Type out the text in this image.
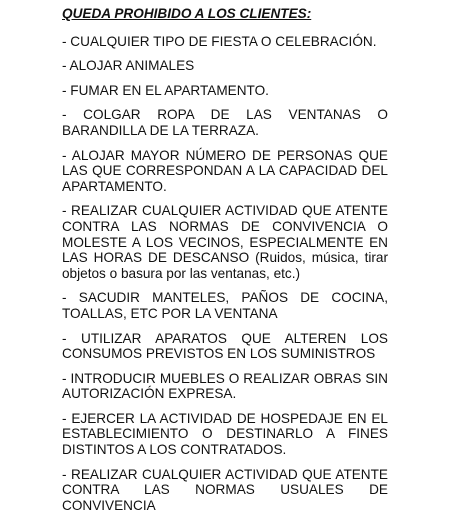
QUEDA PROHIBIDO A LOS CLIENTES:
- CUALQUIER TIPO DE FIESTA O CELEBRACIÓN.
- ALOJAR ANIMALES
- FUMAR EN EL APARTAMENTO.
- COLGAR ROPA DE LAS VENTANAS O BARANDILLA DE LA TERRAZA.
- ALOJAR MAYOR NÚMERO DE PERSONAS QUE LAS QUE CORRESPONDAN A LA CAPACIDAD DEL APARTAMENTO.
- REALIZAR CUALQUIER ACTIVIDAD QUE ATENTE CONTRA LAS NORMAS DE CONVIVENCIA O MOLESTE A LOS VECINOS, ESPECIALMENTE EN LAS HORAS DE DESCANSO (Ruidos, música, tirar objetos o basura por las ventanas, etc.)
- SACUDIR MANTELES, PAÑOS DE COCINA, TOALLAS, ETC POR LA VENTANA
- UTILIZAR APARATOS QUE ALTEREN LOS CONSUMOS PREVISTOS EN LOS SUMINISTROS
- INTRODUCIR MUEBLES O REALIZAR OBRAS SIN AUTORIZACIÓN EXPRESA.
- EJERCER LA ACTIVIDAD DE HOSPEDAJE EN EL ESTABLECIMIENTO O DESTINARLO A FINES DISTINTOS A LOS CONTRATADOS.
- REALIZAR CUALQUIER ACTIVIDAD QUE ATENTE CONTRA LAS NORMAS USUALES DE CONVIVENCIA
